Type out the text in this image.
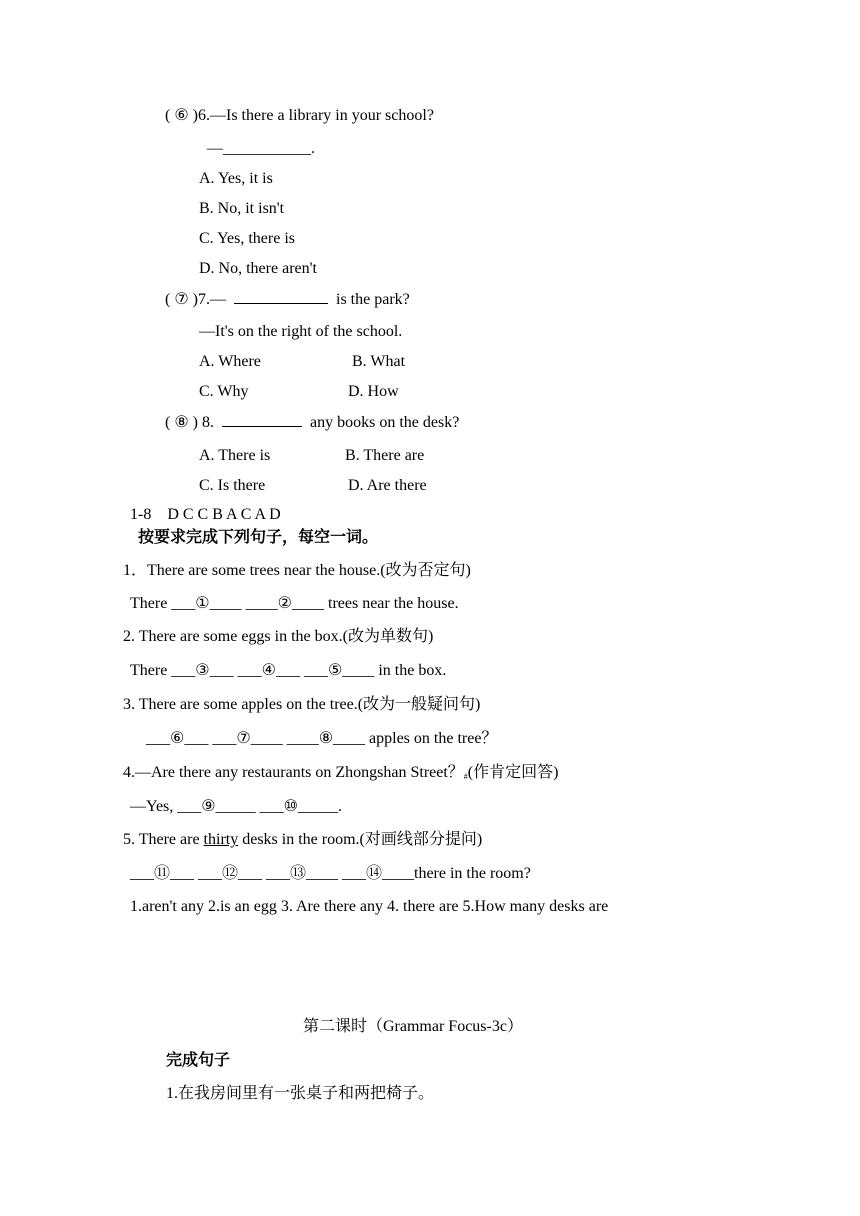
( ⑥ )6.—Is there a library in your school?
—___________.
A. Yes, it is
B. No, it isn't
C. Yes, there is
D. No, there aren't
( ⑦ )7.—	is the park?
—It's on the right of the school.
A. Where	B. What
C. Why	D. How
( ⑧ ) 8.	any books on the desk?
A. There is	B. There are
C. Is there	D. Are there
1-8    D C C B A C A D
按要求完成下列句子，每空一词。
1．There are some trees near the house.(改为否定句)
There ___①____ ____②____ trees near the house.
2. There are some eggs in the box.(改为单数句)
There ___③___ ___④___ ___⑤____ in the box.
3. There are some apples on the tree.(改为一般疑问句)
___⑥___ ___⑦____ ____⑧____ apples on the tree？
4.—Are there any restaurants on Zhongshan Street？#(作肯定回答)
—Yes, ___⑨_____ ___⑩_____.
5. There are thirty desks in the room.(对画线部分提问)
___⑪___ ___⑫___ ___⑬____ ___⑭____there in the room?
1.aren't any 2.is an egg 3. Are there any 4. there are 5.How many desks are
第二课时（Grammar Focus-3c）
完成句子
1.在我房间里有一张桌子和两把椅子。
